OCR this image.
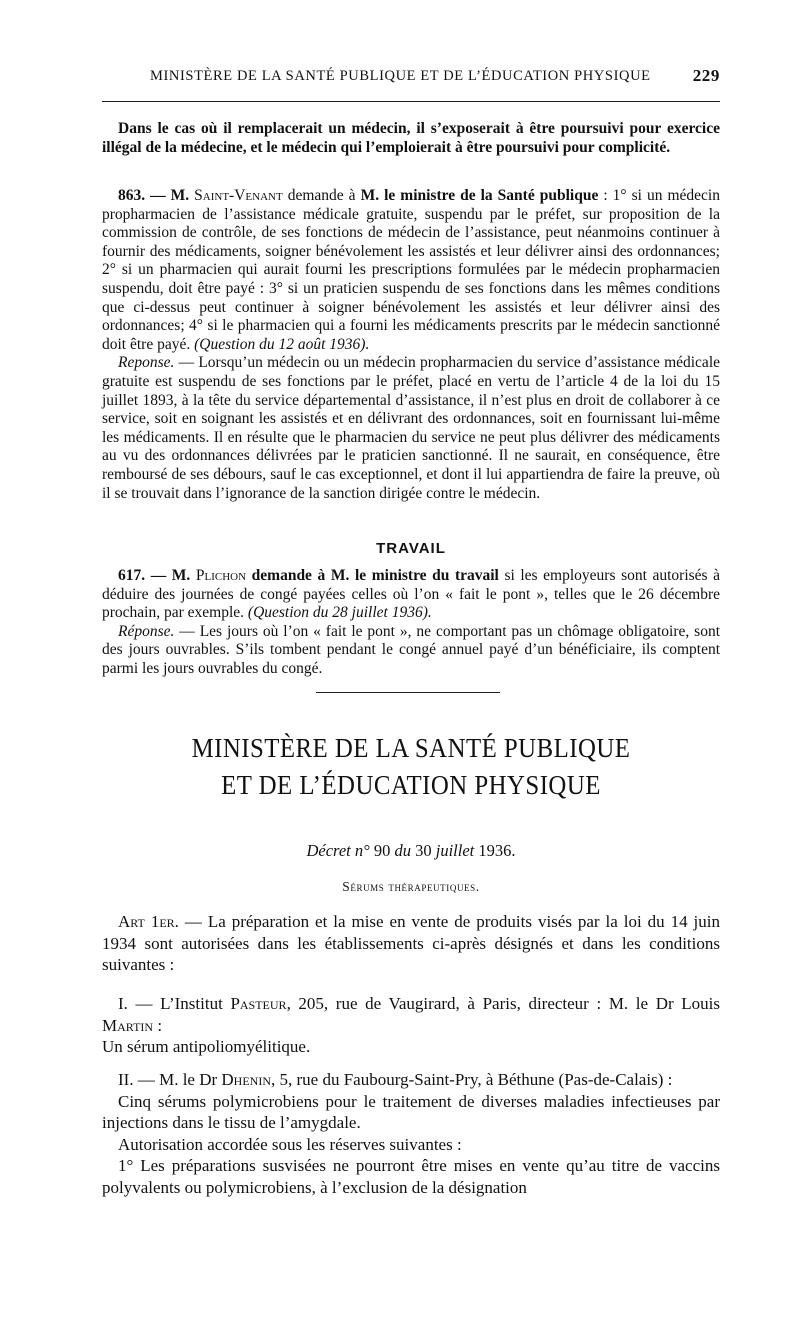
MINISTÈRE DE LA SANTÉ PUBLIQUE ET DE L’ÉDUCATION PHYSIQUE 229

Dans le cas où il remplacerait un médecin, il s’exposerait à être poursuivi pour exercice illégal de la médecine, et le médecin qui l’emploierait à être poursuivi pour complicité.

863. — M. Saint-Venant demande à M. le ministre de la Santé publique : 1° si un médecin propharmacien de l’assistance médicale gratuite, suspendu par le préfet, sur proposition de la commission de contrôle, de ses fonctions de médecin de l’assistance, peut néanmoins continuer à fournir des médicaments, soigner bénévolement les assistés et leur délivrer ainsi des ordonnances; 2° si un pharmacien qui aurait fourni les prescriptions formulées par le médecin propharmacien suspendu, doit être payé : 3° si un praticien suspendu de ses fonctions dans les mêmes conditions que ci-dessus peut continuer à soigner bénévolement les assistés et leur délivrer ainsi des ordonnances; 4° si le pharmacien qui a fourni les médicaments prescrits par le médecin sanctionné doit être payé. (Question du 12 août 1936).

Reponse. — Lorsqu’un médecin ou un médecin propharmacien du service d’assistance médicale gratuite est suspendu de ses fonctions par le préfet, placé en vertu de l’article 4 de la loi du 15 juillet 1893, à la tête du service départemental d’assistance, il n’est plus en droit de collaborer à ce service, soit en soignant les assistés et en délivrant des ordonnances, soit en fournissant lui-même les médicaments. Il en résulte que le pharmacien du service ne peut plus délivrer des médicaments au vu des ordonnances délivrées par le praticien sanctionné. Il ne saurait, en conséquence, être remboursé de ses débours, sauf le cas exceptionnel, et dont il lui appartiendra de faire la preuve, où il se trouvait dans l’ignorance de la sanction dirigée contre le médecin.

TRAVAIL

617. — M. Plichon demande à M. le ministre du travail si les employeurs sont autorisés à déduire des journées de congé payées celles où l’on « fait le pont », telles que le 26 décembre prochain, par exemple. (Question du 28 juillet 1936).

Réponse. — Les jours où l’on « fait le pont », ne comportant pas un chômage obligatoire, sont des jours ouvrables. S’ils tombent pendant le congé annuel payé d’un bénéficiaire, ils comptent parmi les jours ouvrables du congé.

MINISTÈRE DE LA SANTÉ PUBLIQUE
ET DE L’ÉDUCATION PHYSIQUE
Décret n° 90 du 30 juillet 1936.
Sérums thérapeutiques.

Art 1er. — La préparation et la mise en vente de produits visés par la loi du 14 juin 1934 sont autorisées dans les établissements ci-après désignés et dans les conditions suivantes :

I. — L’Institut Pasteur, 205, rue de Vaugirard, à Paris, directeur : M. le Dr Louis Martin :

Un sérum antipoliomyélitique.

II. — M. le Dr Dhenin, 5, rue du Faubourg-Saint-Pry, à Béthune (Pas-de-Calais) :

Cinq sérums polymicrobiens pour le traitement de diverses maladies infectieuses par injections dans le tissu de l’amygdale.

Autorisation accordée sous les réserves suivantes :

1° Les préparations susvisées ne pourront être mises en vente qu’au titre de vaccins polyvalents ou polymicrobiens, à l’exclusion de la désignation
